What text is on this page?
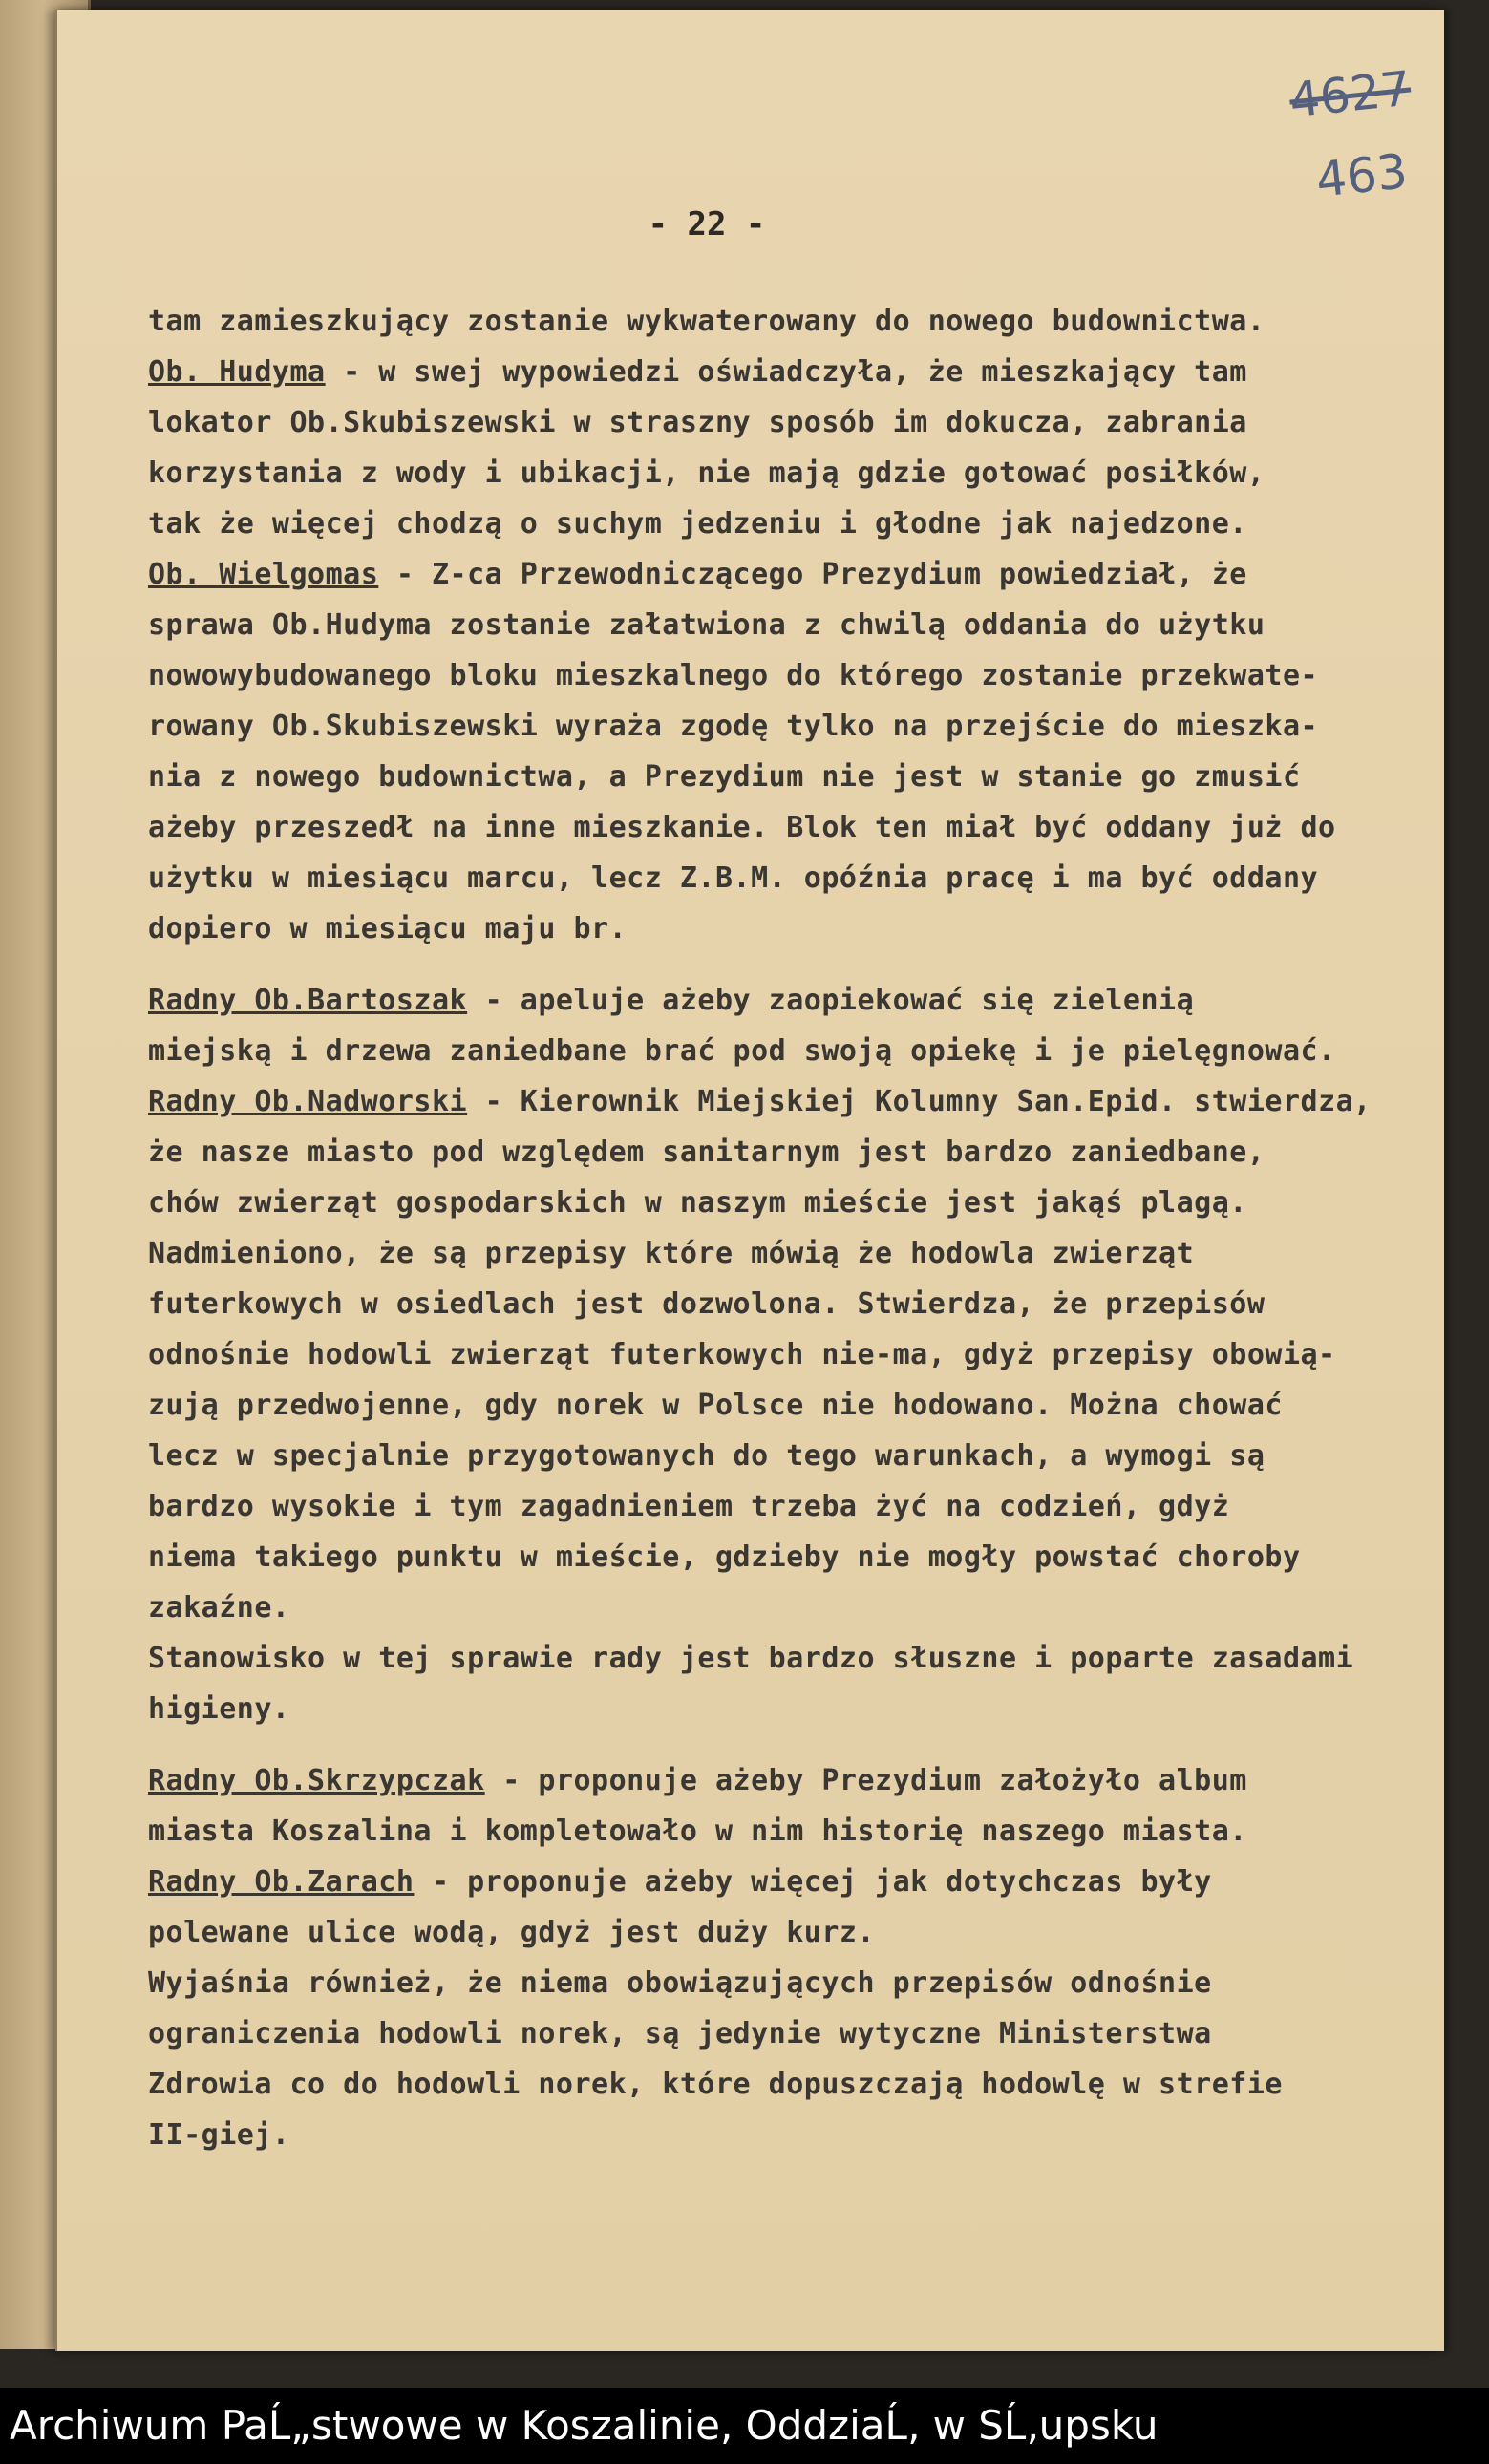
4627
463
- 22 -
tam zamieszkujący zostanie wykwaterowany do nowego budownictwa.
Ob. Hudyma - w swej wypowiedzi oświadczyła, że mieszkający tam
lokator Ob.Skubiszewski w straszny sposób im dokucza, zabrania
korzystania z wody i ubikacji, nie mają gdzie gotować posiłków,
tak że więcej chodzą o suchym jedzeniu i głodne jak najedzone.
Ob. Wielgomas - Z-ca Przewodniczącego Prezydium powiedział, że
sprawa Ob.Hudyma zostanie załatwiona z chwilą oddania do użytku
nowowybudowanego bloku mieszkalnego do którego zostanie przekwate-
rowany Ob.Skubiszewski wyraża zgodę tylko na przejście do mieszka-
nia z nowego budownictwa, a Prezydium nie jest w stanie go zmusić
ażeby przeszedł na inne mieszkanie. Blok ten miał być oddany już do
użytku w miesiącu marcu, lecz Z.B.M. opóźnia pracę i ma być oddany
dopiero w miesiącu maju br.
Radny Ob.Bartoszak - apeluje ażeby zaopiekować się zielenią
miejską i drzewa zaniedbane brać pod swoją opiekę i je pielęgnować.
Radny Ob.Nadworski - Kierownik Miejskiej Kolumny San.Epid. stwierdza,
że nasze miasto pod względem sanitarnym jest bardzo zaniedbane,
chów zwierząt gospodarskich w naszym mieście jest jakąś plagą.
Nadmieniono, że są przepisy które mówią że hodowla zwierząt
futerkowych w osiedlach jest dozwolona. Stwierdza, że przepisów
odnośnie hodowli zwierząt futerkowych nie-ma, gdyż przepisy obowią-
zują przedwojenne, gdy norek w Polsce nie hodowano. Można chować
lecz w specjalnie przygotowanych do tego warunkach, a wymogi są
bardzo wysokie i tym zagadnieniem trzeba żyć na codzień, gdyż
niema takiego punktu w mieście, gdzieby nie mogły powstać choroby
zakaźne.
Stanowisko w tej sprawie rady jest bardzo słuszne i poparte zasadami
higieny.
Radny Ob.Skrzypczak - proponuje ażeby Prezydium założyło album
miasta Koszalina i kompletowało w nim historię naszego miasta.
Radny Ob.Zarach - proponuje ażeby więcej jak dotychczas były
polewane ulice wodą, gdyż jest duży kurz.
Wyjaśnia również, że niema obowiązujących przepisów odnośnie
ograniczenia hodowli norek, są jedynie wytyczne Ministerstwa
Zdrowia co do hodowli norek, które dopuszczają hodowlę w strefie
II-giej.
Archiwum PaĹ„stwowe w Koszalinie, OddziaĹ‚ w SĹ‚upsku
